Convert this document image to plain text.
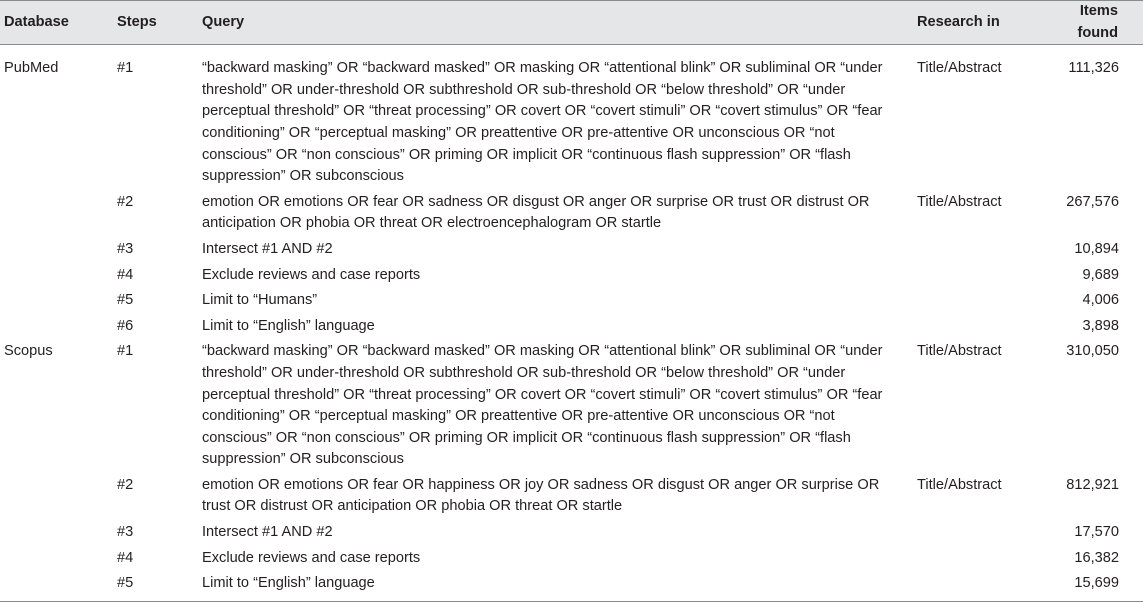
Database	Steps	Query	Research in	Items found
PubMed	#1	“backward masking” OR “backward masked” OR masking OR “attentional blink” OR subliminal OR “under threshold” OR under-threshold OR subthreshold OR sub-threshold OR “below threshold” OR “under perceptual threshold” OR “threat processing” OR covert OR “covert stimuli” OR “covert stimulus” OR “fear conditioning” OR “perceptual masking” OR preattentive OR pre-attentive OR unconscious OR “not conscious” OR “non conscious” OR priming OR implicit OR “continuous flash suppression” OR “flash suppression” OR subconscious	Title/Abstract	111,326
	#2	emotion OR emotions OR fear OR sadness OR disgust OR anger OR surprise OR trust OR distrust OR anticipation OR phobia OR threat OR electroencephalogram OR startle	Title/Abstract	267,576
	#3	Intersect #1 AND #2		10,894
	#4	Exclude reviews and case reports		9,689
	#5	Limit to “Humans”		4,006
	#6	Limit to “English” language		3,898
Scopus	#1	“backward masking” OR “backward masked” OR masking OR “attentional blink” OR subliminal OR “under threshold” OR under-threshold OR subthreshold OR sub-threshold OR “below threshold” OR “under perceptual threshold” OR “threat processing” OR covert OR “covert stimuli” OR “covert stimulus” OR “fear conditioning” OR “perceptual masking” OR preattentive OR pre-attentive OR unconscious OR “not conscious” OR “non conscious” OR priming OR implicit OR “continuous flash suppression” OR “flash suppression” OR subconscious	Title/Abstract	310,050
	#2	emotion OR emotions OR fear OR happiness OR joy OR sadness OR disgust OR anger OR surprise OR trust OR distrust OR anticipation OR phobia OR threat OR startle	Title/Abstract	812,921
	#3	Intersect #1 AND #2		17,570
	#4	Exclude reviews and case reports		16,382
	#5	Limit to “English” language		15,699
